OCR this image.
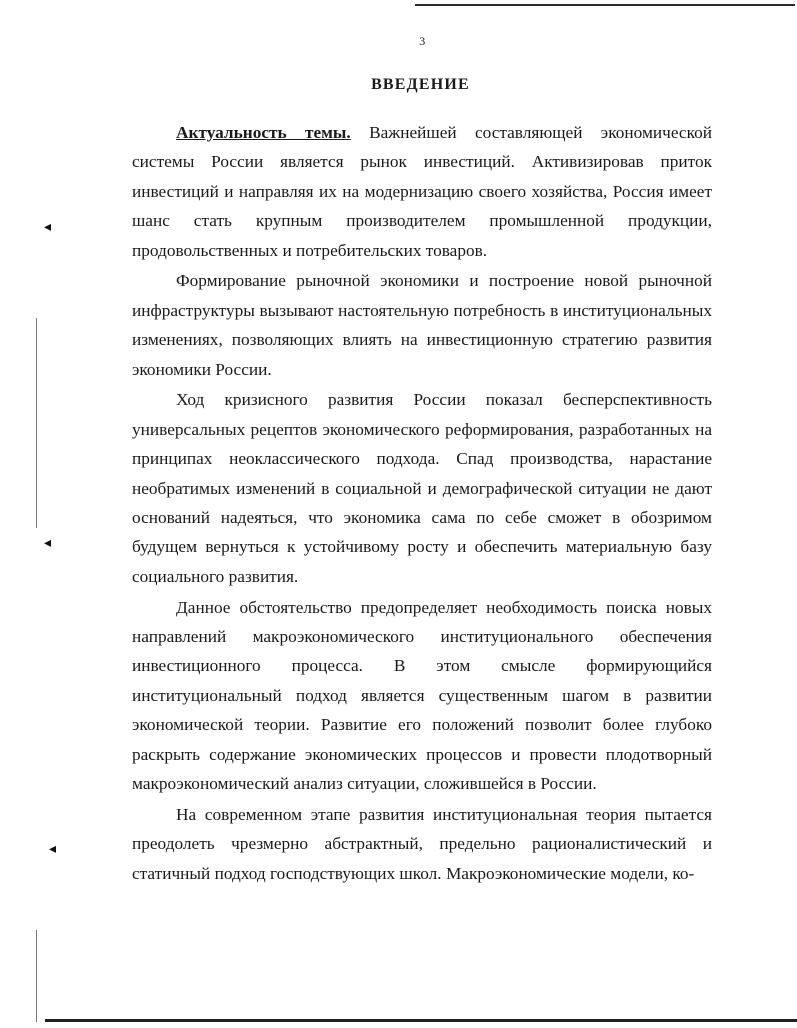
◂
◂
◂
3
ВВЕДЕНИЕ

Актуальность темы. Важнейшей составляющей экономической системы России является рынок инвестиций. Активизировав приток инвестиций и направляя их на модернизацию своего хозяйства, Россия имеет шанс стать крупным производителем промышленной продукции, продовольственных и потребительских товаров.

Формирование рыночной экономики и построение новой рыночной инфраструктуры вызывают настоятельную потребность в институциональных изменениях, позволяющих влиять на инвестиционную стратегию развития экономики России.

Ход кризисного развития России показал бесперспективность универсальных рецептов экономического реформирования, разработанных на принципах неоклассического подхода. Спад производства, нарастание необратимых изменений в социальной и демографической ситуации не дают оснований надеяться, что экономика сама по себе сможет в обозримом будущем вернуться к устойчивому росту и обеспечить материальную базу социального развития.

Данное обстоятельство предопределяет необходимость поиска новых направлений макроэкономического институционального обеспечения инвестиционного процесса. В этом смысле формирующийся институциональный подход является существенным шагом в развитии экономической теории. Развитие его положений позволит более глубоко раскрыть содержание экономических процессов и провести плодотворный макроэкономический анализ ситуации, сложившейся в России.

На современном этапе развития институциональная теория пытается преодолеть чрезмерно абстрактный, предельно рационалистический и статичный подход господствующих школ. Макроэкономические модели, ко-
